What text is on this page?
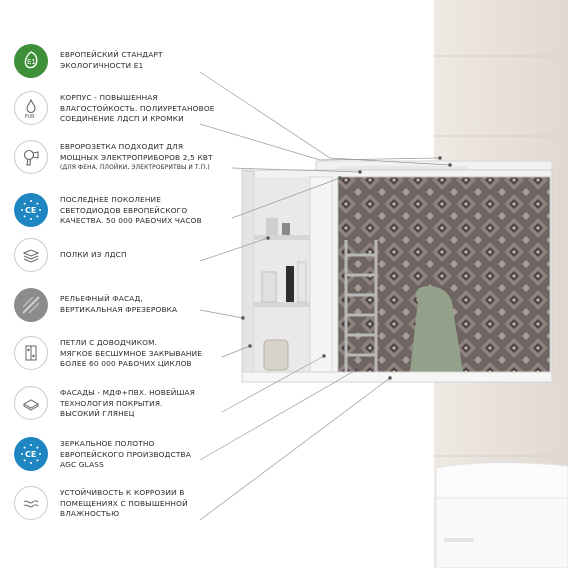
E1
ЕВРОПЕЙСКИЙ СТАНДАРТ
ЭКОЛОГИЧНОСТИ Е1
PUR
КОРПУС - ПОВЫШЕННАЯ
ВЛАГОСТОЙКОСТЬ. ПОЛИУРЕТАНОВОЕ
СОЕДИНЕНИЕ ЛДСП И КРОМКИ
ЕВРОРОЗЕТКА ПОДХОДИТ ДЛЯ
МОЩНЫХ ЭЛЕКТРОПРИБОРОВ 2,5 КВТ
(ДЛЯ ФЕНА, ПЛОЙКИ, ЭЛЕКТРОБРИТВЫ И Т.П.)
CE
ПОСЛЕДНЕЕ ПОКОЛЕНИЕ
СВЕТОДИОДОВ ЕВРОПЕЙСКОГО
КАЧЕСТВА. 50 000 РАБОЧИХ ЧАСОВ
ПОЛКИ ИЗ ЛДСП
РЕЛЬЕФНЫЙ ФАСАД,
ВЕРТИКАЛЬНАЯ ФРЕЗЕРОВКА
ПЕТЛИ С ДОВОДЧИКОМ.
МЯГКОЕ БЕСШУМНОЕ ЗАКРЫВАНИЕ
БОЛЕЕ 60 000 РАБОЧИХ ЦИКЛОВ
ФАСАДЫ - МДФ+ПВХ. НОВЕЙШАЯ
ТЕХНОЛОГИЯ ПОКРЫТИЯ.
ВЫСОКИЙ ГЛЯНЕЦ
CE
ЗЕРКАЛЬНОЕ ПОЛОТНО
ЕВРОПЕЙСКОГО ПРОИЗВОДСТВА
AGC GLASS
УСТОЙЧИВОСТЬ К КОРРОЗИИ В
ПОМЕЩЕНИЯХ С ПОВЫШЕННОЙ
ВЛАЖНОСТЬЮ
